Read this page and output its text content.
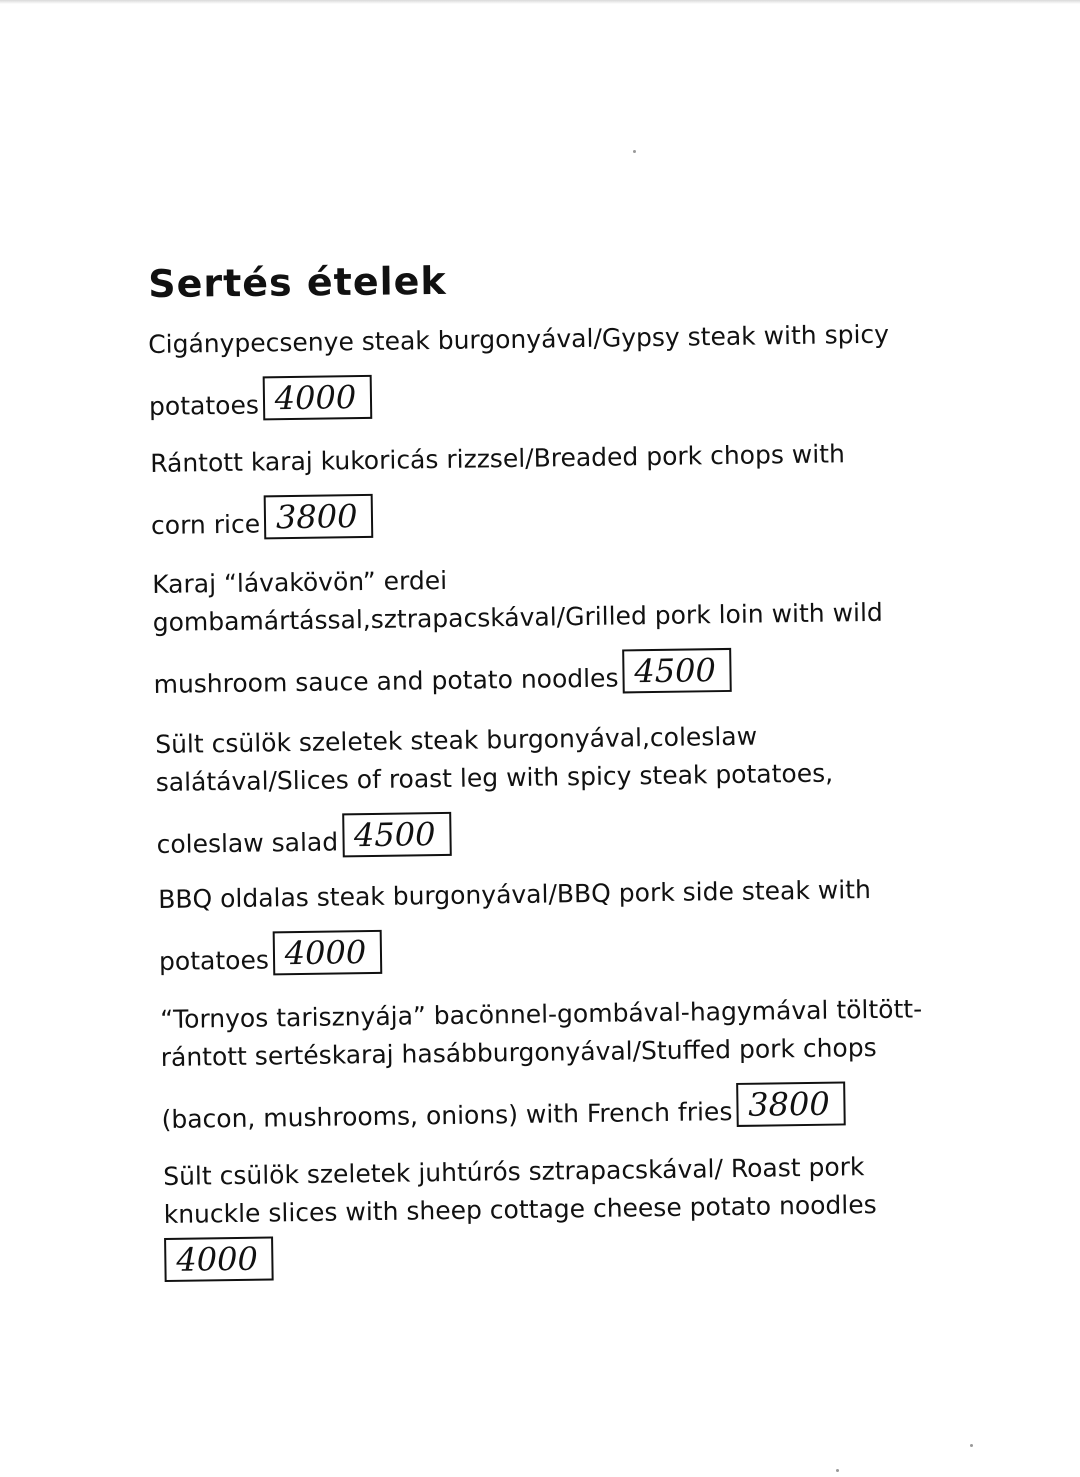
Sertés ételek
Cigánypecsenye steak burgonyával/Gypsy steak with spicy
potatoes 4000
Rántott karaj kukoricás rizzsel/Breaded pork chops with
corn rice 3800
Karaj “lávakövön” erdei
gombamártással,sztrapacskával/Grilled pork loin with wild
mushroom sauce and potato noodles 4500
Sült csülök szeletek steak burgonyával,coleslaw
salátával/Slices of roast leg with spicy steak potatoes,
coleslaw salad 4500
BBQ oldalas steak burgonyával/BBQ pork side steak with
potatoes 4000
“Tornyos tarisznyája” bacönnel-gombával-hagymával töltött-
rántott sertéskaraj hasábburgonyával/Stuffed pork chops
(bacon, mushrooms, onions) with French fries 3800
Sült csülök szeletek juhtúrós sztrapacskával/ Roast pork
knuckle slices with sheep cottage cheese potato noodles
4000
